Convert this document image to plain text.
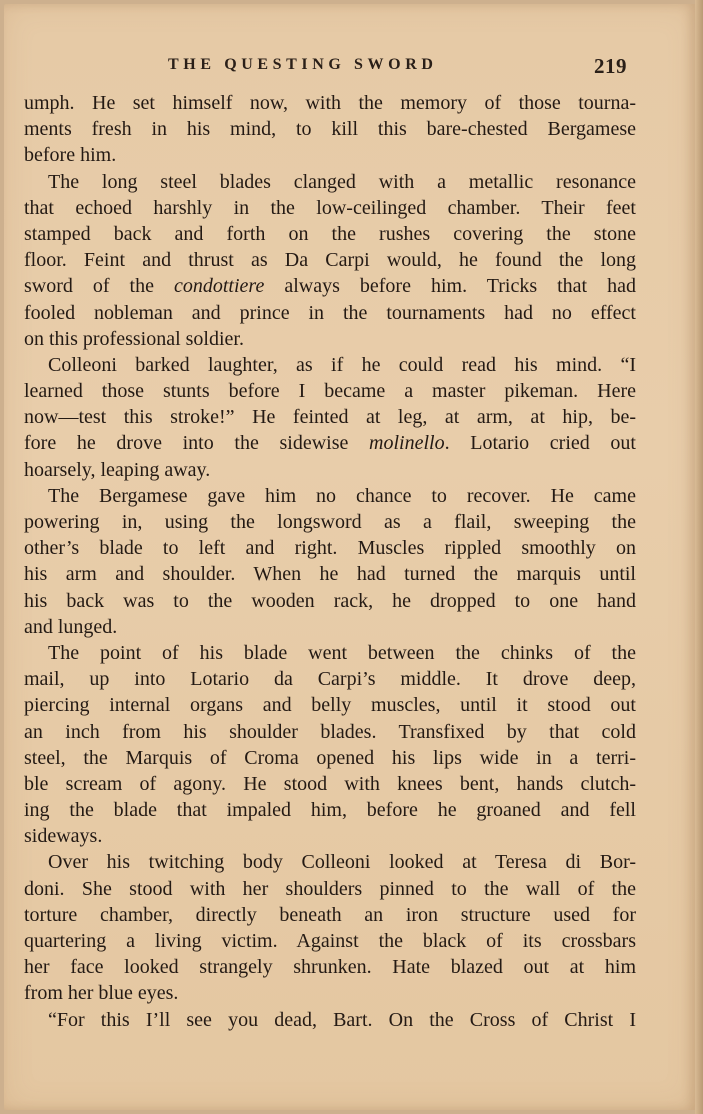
THE QUESTING SWORD	219
umph. He set himself now, with the memory of those tourna-
ments fresh in his mind, to kill this bare-chested Bergamese
before him.
The long steel blades clanged with a metallic resonance
that echoed harshly in the low-ceilinged chamber. Their feet
stamped back and forth on the rushes covering the stone
floor. Feint and thrust as Da Carpi would, he found the long
sword of the condottiere always before him. Tricks that had
fooled nobleman and prince in the tournaments had no effect
on this professional soldier.
Colleoni barked laughter, as if he could read his mind. “I
learned those stunts before I became a master pikeman. Here
now—test this stroke!” He feinted at leg, at arm, at hip, be-
fore he drove into the sidewise molinello. Lotario cried out
hoarsely, leaping away.
The Bergamese gave him no chance to recover. He came
powering in, using the longsword as a flail, sweeping the
other’s blade to left and right. Muscles rippled smoothly on
his arm and shoulder. When he had turned the marquis until
his back was to the wooden rack, he dropped to one hand
and lunged.
The point of his blade went between the chinks of the
mail, up into Lotario da Carpi’s middle. It drove deep,
piercing internal organs and belly muscles, until it stood out
an inch from his shoulder blades. Transfixed by that cold
steel, the Marquis of Croma opened his lips wide in a terri-
ble scream of agony. He stood with knees bent, hands clutch-
ing the blade that impaled him, before he groaned and fell
sideways.
Over his twitching body Colleoni looked at Teresa di Bor-
doni. She stood with her shoulders pinned to the wall of the
torture chamber, directly beneath an iron structure used for
quartering a living victim. Against the black of its crossbars
her face looked strangely shrunken. Hate blazed out at him
from her blue eyes.
“For this I’ll see you dead, Bart. On the Cross of Christ I
